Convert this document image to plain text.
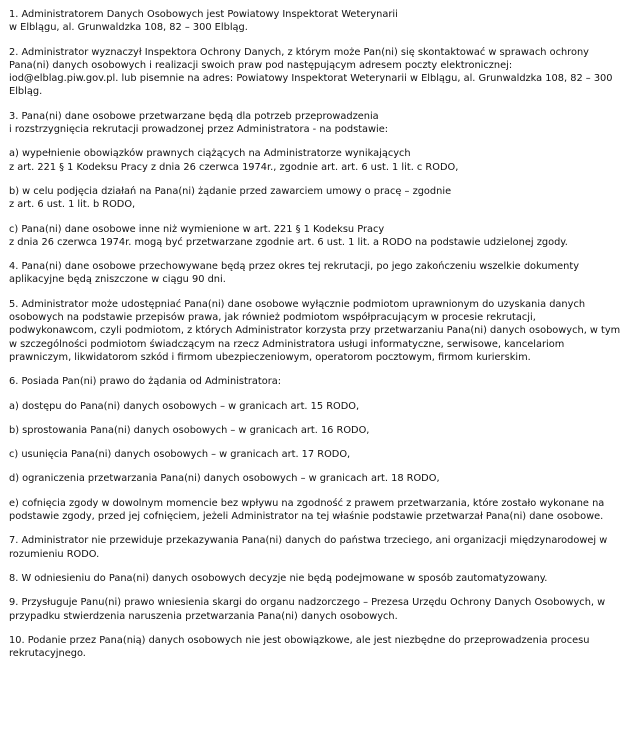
1. Administratorem Danych Osobowych jest Powiatowy Inspektorat Weterynarii
w Elblągu, al. Grunwaldzka 108, 82 – 300 Elbląg.

2. Administrator wyznaczył Inspektora Ochrony Danych, z którym może Pan(ni) się skontaktować w sprawach ochrony Pana(ni) danych osobowych i realizacji swoich praw pod następującym adresem poczty elektronicznej: iod@elblag.piw.gov.pl. lub pisemnie na adres: Powiatowy Inspektorat Weterynarii w Elblągu, al. Grunwaldzka 108, 82 – 300 Elbląg.

3. Pana(ni) dane osobowe przetwarzane będą dla potrzeb przeprowadzenia
i rozstrzygnięcia rekrutacji prowadzonej przez Administratora - na podstawie:

a) wypełnienie obowiązków prawnych ciążących na Administratorze wynikających
z art. 221 § 1 Kodeksu Pracy z dnia 26 czerwca 1974r., zgodnie art. art. 6 ust. 1 lit. c RODO,

b) w celu podjęcia działań na Pana(ni) żądanie przed zawarciem umowy o pracę – zgodnie
z art. 6 ust. 1 lit. b RODO,

c) Pana(ni) dane osobowe inne niż wymienione w art. 221 § 1 Kodeksu Pracy
z dnia 26 czerwca 1974r. mogą być przetwarzane zgodnie art. 6 ust. 1 lit. a RODO na podstawie udzielonej zgody.

4. Pana(ni) dane osobowe przechowywane będą przez okres tej rekrutacji, po jego zakończeniu wszelkie dokumenty aplikacyjne będą zniszczone w ciągu 90 dni.

5. Administrator może udostępniać Pana(ni) dane osobowe wyłącznie podmiotom uprawnionym do uzyskania danych osobowych na podstawie przepisów prawa, jak również podmiotom współpracującym w procesie rekrutacji, podwykonawcom, czyli podmiotom, z których Administrator korzysta przy przetwarzaniu Pana(ni) danych osobowych, w tym w szczególności podmiotom świadczącym na rzecz Administratora usługi informatyczne, serwisowe, kancelariom prawniczym, likwidatorom szkód i firmom ubezpieczeniowym, operatorom pocztowym, firmom kurierskim.

6. Posiada Pan(ni) prawo do żądania od Administratora:

a) dostępu do Pana(ni) danych osobowych – w granicach art. 15 RODO,

b) sprostowania Pana(ni) danych osobowych – w granicach art. 16 RODO,

c) usunięcia Pana(ni) danych osobowych – w granicach art. 17 RODO,

d) ograniczenia przetwarzania Pana(ni) danych osobowych – w granicach art. 18 RODO,

e) cofnięcia zgody w dowolnym momencie bez wpływu na zgodność z prawem przetwarzania, które zostało wykonane na podstawie zgody, przed jej cofnięciem, jeżeli Administrator na tej właśnie podstawie przetwarzał Pana(ni) dane osobowe.

7. Administrator nie przewiduje przekazywania Pana(ni) danych do państwa trzeciego, ani organizacji międzynarodowej w rozumieniu RODO.

8. W odniesieniu do Pana(ni) danych osobowych decyzje nie będą podejmowane w sposób zautomatyzowany.

9. Przysługuje Panu(ni) prawo wniesienia skargi do organu nadzorczego – Prezesa Urzędu Ochrony Danych Osobowych, w przypadku stwierdzenia naruszenia przetwarzania Pana(ni) danych osobowych.

10. Podanie przez Pana(nią) danych osobowych nie jest obowiązkowe, ale jest niezbędne do przeprowadzenia procesu rekrutacyjnego.
